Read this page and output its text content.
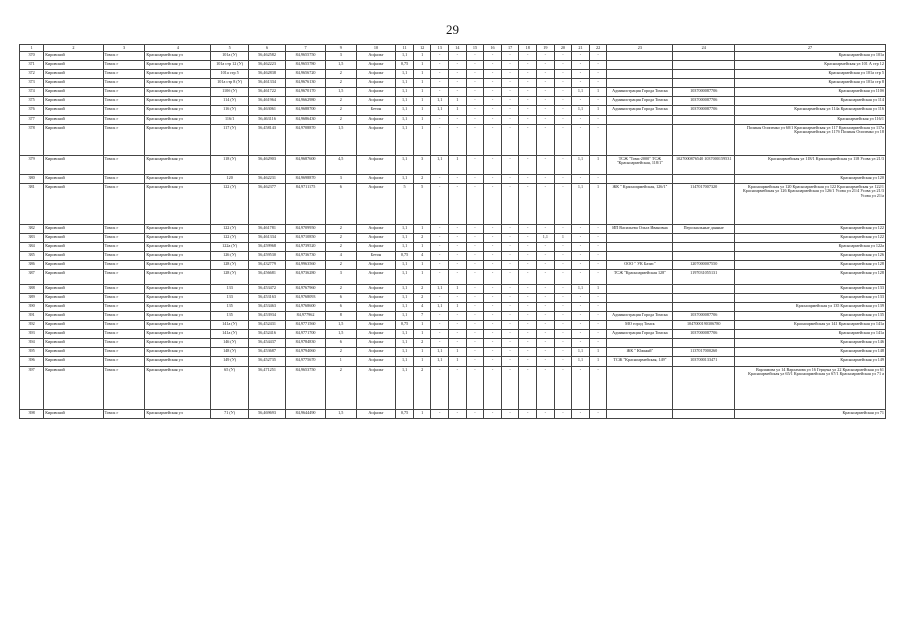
29
1	2	3	4	5	6	7	9	10	11	12	13	14	15	16	17	18	19	20	21	22	23	24	27
370	Кировский	Томск г	Красноармейская ул	101а (У)	56,462582	84,9655750	3	Асфальт	1,1	1	-	-	-	-	-	-	-	-	-	-			Красноармейская ул 101а
371	Кировский	Томск г	Красноармейская ул	101а стр 12 (У)	56,462223	84,9655780	1,5	Асфальт	0,75	1	-	-	-	-	-	-	-	-	-	-			Красноармейская ул 101 А стр 12
372	Кировский	Томск г	Красноармейская ул	101а стр 5	56,462838	84,9656720	2	Асфальт	1,1	1	-	-	-	-	-	-	-	-	-	-			Красноармейская ул 101а стр 5
373	Кировский	Томск г	Красноармейская ул	101а стр 8 (У)	56,461334	84,9676130	2	Асфальт	1,1	1	-	-	-	-	-	-	-	-	-	-			Красноармейская ул 101а стр 8
374	Кировский	Томск г	Красноармейская ул	110б (У)	56,461722	84,9670170	1,5	Асфальт	1,1	1	-	-	-	-	-	-	-	-	1,1	1	Администрация Города Томска	1037000087706	Красноармейская ул 110б
375	Кировский	Томск г	Красноармейская ул	114 (У)	56,461964	84,9662980	2	Асфальт	1,1	1	1,1	1	-	-	-	-	-	-	-	-	Администрация Города Томска	1037000087706	Красноармейская ул 114
376	Кировский	Томск г	Красноармейская ул	116 (У)	56,463061	84,9688700	2	Бетон	1,1	1	1,1	1	-	-	-	-	-	-	1,1	1	Администрация Города Томска	1037000087706	Красноармейская ул 114а Красноармейская ул 116
377	Кировский	Томск г	Красноармейская ул	116/1	56,463116	84,9686430	2	Асфальт	1,1	1	-	-	-	-	-	-	-	-	-	-			Красноармейская ул 116/1
378	Кировский	Томск г	Красноармейская ул	117 (У)	56,458143	84,9708870	1,5	Асфальт	1,1	1	-	-	-	-	-	-	-	-	-	-			Полины Осипенко ул 60/1 Красноармейская ул 117 Красноармейская ул 117а Красноармейская ул 117б Полины Осипенко ул 18
379	Кировский	Томск г	Красноармейская ул	118 (У)	56,462903	84,9687600	4,5	Асфальт	1,1	3	1,1	1	-	-	-	-	-	-	1,1	1	ТСЖ "Томь-2000" ТСЖ "Красноармейская, 118/1"	1027000876540 1037000159531	Красноармейская ул 118/1 Красноармейская ул 118 Усова ул 21/3
380	Кировский	Томск г	Красноармейская ул	120	56,462231	84,9698870	3	Асфальт	1,1	2	-	-	-	-	-	-	-	-	-	-			Красноармейская ул 120
381	Кировский	Томск г	Красноармейская ул	122 (У)	56,462377	84,9711175	6	Асфальт	5	5	-	-	-	-	-	-	-	-	1,1	1	ЖК " Красноармейская, 126/1"	1147017007320	Красноармейская ул 120 Красноармейская ул 122 Красноармейская ул 122/1 Красноармейская ул 126 Красноармейская ул 126/1 Усова ул 21/4 Усова ул 21/3 Усова ул 21/а
382	Кировский	Томск г	Красноармейская ул	122 (У)	56,461781	84,9709950	2	Асфальт	1,1	1	-	-	-	-	-	-	-	-	-	-	ИП Васильева Ольга Ивановна	Персональные данные	Красноармейская ул 122
383	Кировский	Томск г	Красноармейская ул	122 (У)	56,461334	84,9710850	2	Асфальт	1,1	2	-	-	-	-	-	-	1,1	1	-	-			Красноармейская ул 122
384	Кировский	Томск г	Красноармейская ул	122а (У)	56,459968	84,9739520	2	Асфальт	1,1	1	-	-	-	-	-	-	-	-	-	-			Красноармейская ул 122а
385	Кировский	Томск г	Красноармейская ул	126 (У)	56,459530	84,9736730	4	Бетон	0,75	4	-	-	-	-	-	-	-	-	-	-			Красноармейская ул 126
386	Кировский	Томск г	Красноармейская ул	128 (У)	56,432779	84,9963560	2	Асфальт	1,1	1	-	-	-	-	-	-	-	-	-	-	ООО " УК Базис"	1207000007550	Красноармейская ул 128
387	Кировский	Томск г	Красноармейская ул	128 (У)	56,456681	84,9736280	3	Асфальт	1,1	1	-	-	-	-	-	-	-	-	-	-	ТСЖ "Красноармейская 128"	1197031055131	Красноармейская ул 128
388	Кировский	Томск г	Красноармейская ул	133	56,453472	84,9767960	2	Асфальт	1,1	2	1,1	1	-	-	-	-	-	-	1,1	1			Красноармейская ул 133
389	Кировский	Томск г	Красноармейская ул	133	56,453163	84,9768093	6	Асфальт	1,1	2	-	-	-	-	-	-	-	-	-	-			Красноармейская ул 133
390	Кировский	Томск г	Красноармейская ул	135	56,453463	84,9768600	6	Асфальт	1,1	4	1,1	1	-	-	-	-	-	-	-	-			Красноармейская ул 135 Красноармейская ул 139
391	Кировский	Томск г	Красноармейская ул	135	56,453934	84,977962	8	Асфальт	1,1	7	-	-	-	-	-	-	-	-	-	-	Администрация Города Томска	1037000087706	Красноармейская ул 135
392	Кировский	Томск г	Красноармейская ул	141а (У)	56,452431	84,9771560	1,5	Асфальт	0,75	1	-	-	-	-	-	-	-	-	-	-	МО город Томск	1047000190306780	Красноармейская ул 141 Красноармейская ул 141а
393	Кировский	Томск г	Красноармейская ул	141а (У)	56,452416	84,9771700	1,5	Асфальт	1,1	1	-	-	-	-	-	-	-	-	-	-	Администрация Города Томска	1037000087706	Красноармейская ул 141а
394	Кировский	Томск г	Красноармейская ул	146 (У)	56,454437	84,9784830	6	Асфальт	1,1	2	-	-	-	-	-	-	-	-	-	-			Красноармейская ул 146
395	Кировский	Томск г	Красноармейская ул	148 (У)	56,453687	84,9794060	2	Асфальт	1,1	1	1,1	1	-	-	-	-	-	-	1,1	1	ЖК " Южный"	1137017000260	Красноармейская ул 148
396	Кировский	Томск г	Красноармейская ул	149 (У)	56,452735	84,9775670	1	Асфальт	1,1	1	1,1	1	-	-	-	-	-	-	1,1	1	ТСЖ "Красноармейская, 149"	1037000133471	Красноармейская ул 149
397	Кировский	Томск г	Красноармейская ул	65 (У)	56,471251	84,9653750	2	Асфальт	1,1	2	-	-	-	-	-	-	-	-	-	-			Варламова ул 14 Варламова ул 16 Герцена ул 22 Красноармейская ул 61 Красноармейская ул 65/1 Красноармейская ул 67/1 Красноармейская ул 71 а
398	Кировский	Томск г	Красноармейская ул	71 (У)	56,469693	84,9644490	1,5	Асфальт	0,75	1	-	-	-	-	-	-	-	-	-	-			Красноармейская ул 71
